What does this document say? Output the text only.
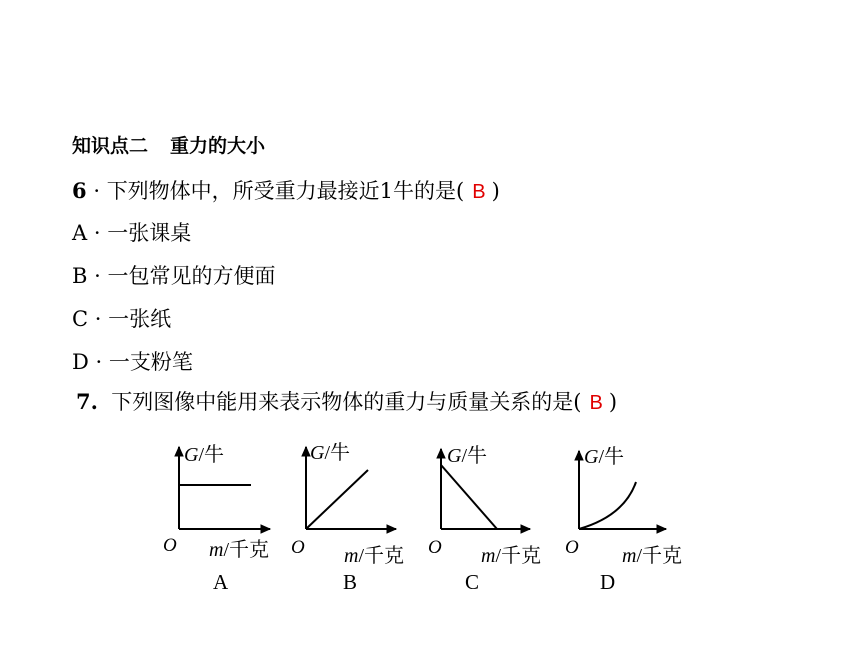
知识点二 重力的大小
6 · 下列物体中，所受重力最接近1牛的是( B )
A · 一张课桌
B · 一包常见的方便面
C · 一张纸
D · 一支粉笔
7. 下列图像中能用来表示物体的重力与质量关系的是( B )
G/牛
O m/千克
A
G/牛
O m/千克
B
G/牛
O m/千克
C
G/牛
O m/千克
D
